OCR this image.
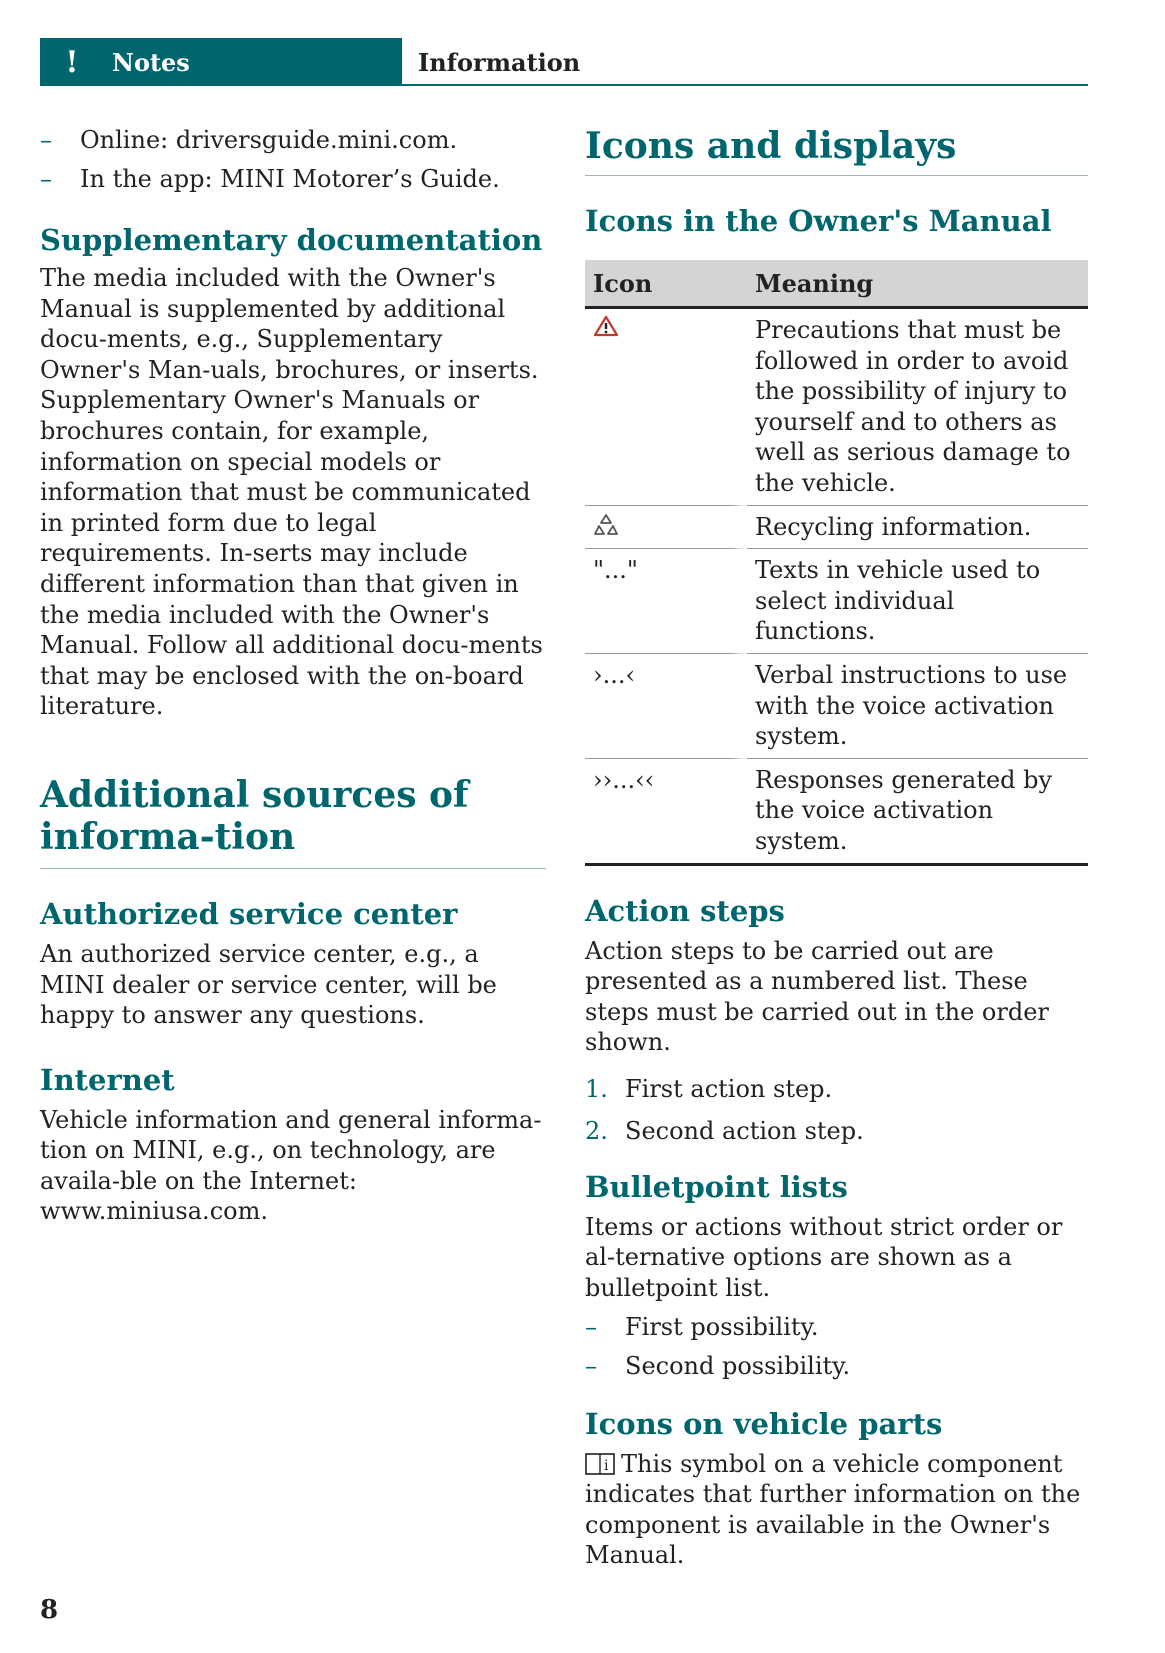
!	Notes	Information
– Online: driversguide.mini.com.
– In the app: MINI Motorer’s Guide.
Supplementary documentation

The media included with the Owner's Manual is supplemented by additional docu-ments, e.g., Supplementary Owner's Man-uals, brochures, or inserts. Supplementary Owner's Manuals or brochures contain, for example, information on special models or information that must be communicated in printed form due to legal requirements. In-serts may include different information than that given in the media included with the Owner's Manual. Follow all additional docu-ments that may be enclosed with the on-board literature.

Additional sources of informa-tion
Authorized service center

An authorized service center, e.g., a MINI dealer or service center, will be happy to answer any questions.

Internet

Vehicle information and general informa-tion on MINI, e.g., on technology, are availa-ble on the Internet: www.miniusa.com.

Icons and displays
Icons in the Owner's Manual
Icon	Meaning

	Precautions that must be followed in order to avoid the possibility of injury to yourself and to others as well as serious damage to the vehicle.

	Recycling information.
"..."	Texts in vehicle used to select individual functions.
›...‹	Verbal instructions to use with the voice activation system.
››...‹‹	Responses generated by the voice activation system.
Action steps

Action steps to be carried out are presented as a numbered list. These steps must be carried out in the order shown.

1. First action step.
2. Second action step.
Bulletpoint lists

Items or actions without strict order or al-ternative options are shown as a bulletpoint list.

– First possibility.
– Second possibility.
Icons on vehicle parts

i This symbol on a vehicle component indicates that further information on the component is available in the Owner's Manual.

8
